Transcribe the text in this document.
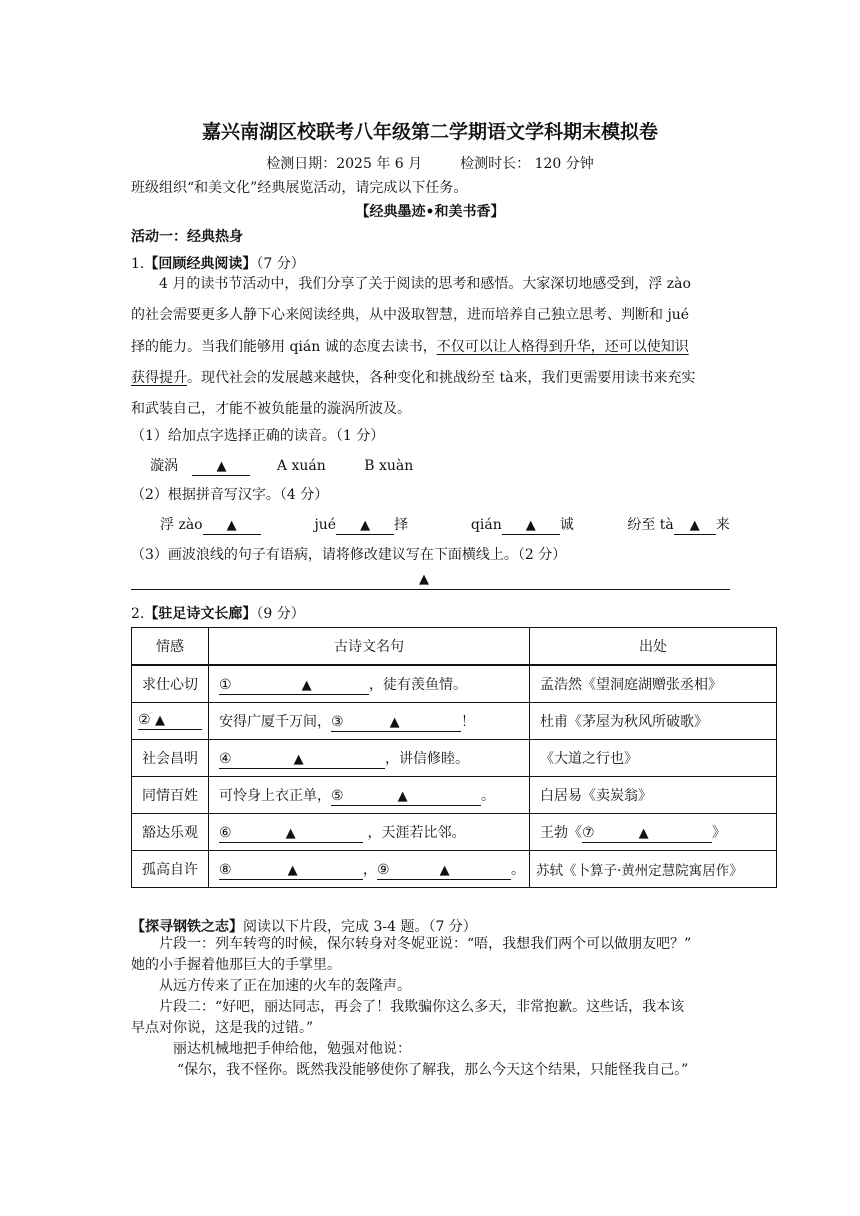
嘉兴南湖区校联考八年级第二学期语文学科期末模拟卷
检测日期：2025 年 6 月	检测时长： 120 分钟
班级组织“和美文化”经典展览活动，请完成以下任务。
【经典墨迹•和美书香】
活动一：经典热身
1.【回顾经典阅读】（7 分）

4 月的读书节活动中，我们分享了关于阅读的思考和感悟。大家深切地感受到，浮 zào

的社会需要更多人静下心来阅读经典，从中汲取智慧，进而培养自己独立思考、判断和 jué

择的能力。当我们能够用 qián 诚的态度去读书，不仅可以让人格得到升华，还可以使知识

获得提升。现代社会的发展越来越快，各种变化和挑战纷至 tà来，我们更需要用读书来充实

和武装自己，才能不被负能量的漩涡所波及。

（1）给加点字选择正确的读音。（1 分）
漩涡	▲	A xuán	B xuàn
（2）根据拼音写汉字。（4 分）
浮 zào ▲	jué ▲ 择	qián ▲ 诚	纷至 tà ▲ 来
（3）画波浪线的句子有语病，请将修改建议写在下面横线上。（2 分）
▲
2.【驻足诗文长廊】（9 分）
情感	古诗文名句	出处
求仕心切	① ▲ ，徒有羡鱼情。	孟浩然《望洞庭湖赠张丞相》
② ▲	安得广厦千万间，③ ▲ ！	杜甫《茅屋为秋风所破歌》
社会昌明	④ ▲ ，讲信修睦。	《大道之行也》
同情百姓	可怜身上衣正单，⑤ ▲ 。	白居易《卖炭翁》
豁达乐观	⑥ ▲ ，天涯若比邻。	王勃《⑦ ▲ 》
孤高自许	⑧ ▲ ，⑨ ▲ 。	苏轼《卜算子·黄州定慧院寓居作》
【探寻钢铁之志】阅读以下片段，完成 3-4 题。（7 分）

片段一：列车转弯的时候，保尔转身对冬妮亚说：“唔，我想我们两个可以做朋友吧？”

她的小手握着他那巨大的手掌里。

从远方传来了正在加速的火车的轰隆声。

片段二：“好吧，丽达同志，再会了！我欺骗你这么多天，非常抱歉。这些话，我本该

早点对你说，这是我的过错。”

丽达机械地把手伸给他，勉强对他说：

“保尔，我不怪你。既然我没能够使你了解我，那么今天这个结果，只能怪我自己。”
